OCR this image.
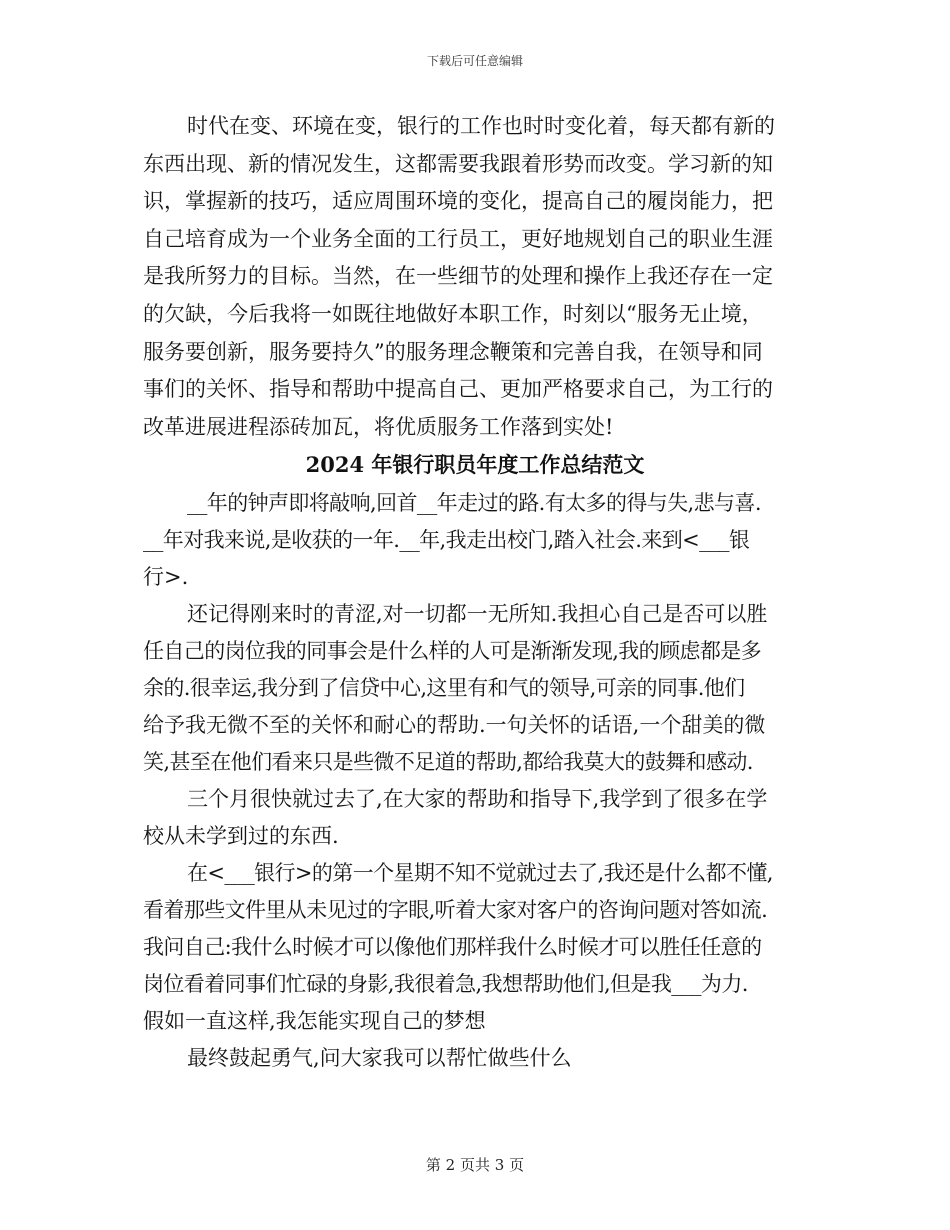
下载后可任意编辑
时代在变、环境在变，银行的工作也时时变化着，每天都有新的
东西出现、新的情况发生，这都需要我跟着形势而改变。学习新的知
识，掌握新的技巧，适应周围环境的变化，提高自己的履岗能力，把
自己培育成为一个业务全面的工行员工，更好地规划自己的职业生涯
是我所努力的目标。当然，在一些细节的处理和操作上我还存在一定
的欠缺，今后我将一如既往地做好本职工作，时刻以“服务无止境，
服务要创新，服务要持久”的服务理念鞭策和完善自我，在领导和同
事们的关怀、指导和帮助中提高自己、更加严格要求自己，为工行的
改革进展进程添砖加瓦，将优质服务工作落到实处!
2024 年银行职员年度工作总结范文
__年的钟声即将敲响,回首__年走过的路.有太多的得与失,悲与喜.
__年对我来说,是收获的一年.__年,我走出校门,踏入社会.来到<___银
行>.
还记得刚来时的青涩,对一切都一无所知.我担心自己是否可以胜
任自己的岗位我的同事会是什么样的人可是渐渐发现,我的顾虑都是多
余的.很幸运,我分到了信贷中心,这里有和气的领导,可亲的同事.他们
给予我无微不至的关怀和耐心的帮助.一句关怀的话语,一个甜美的微
笑,甚至在他们看来只是些微不足道的帮助,都给我莫大的鼓舞和感动.
三个月很快就过去了,在大家的帮助和指导下,我学到了很多在学
校从未学到过的东西.
在<___银行>的第一个星期不知不觉就过去了,我还是什么都不懂,
看着那些文件里从未见过的字眼,听着大家对客户的咨询问题对答如流.
我问自己:我什么时候才可以像他们那样我什么时候才可以胜任任意的
岗位看着同事们忙碌的身影,我很着急,我想帮助他们,但是我___为力.
假如一直这样,我怎能实现自己的梦想
最终鼓起勇气,问大家我可以帮忙做些什么
第 2 页共 3 页
